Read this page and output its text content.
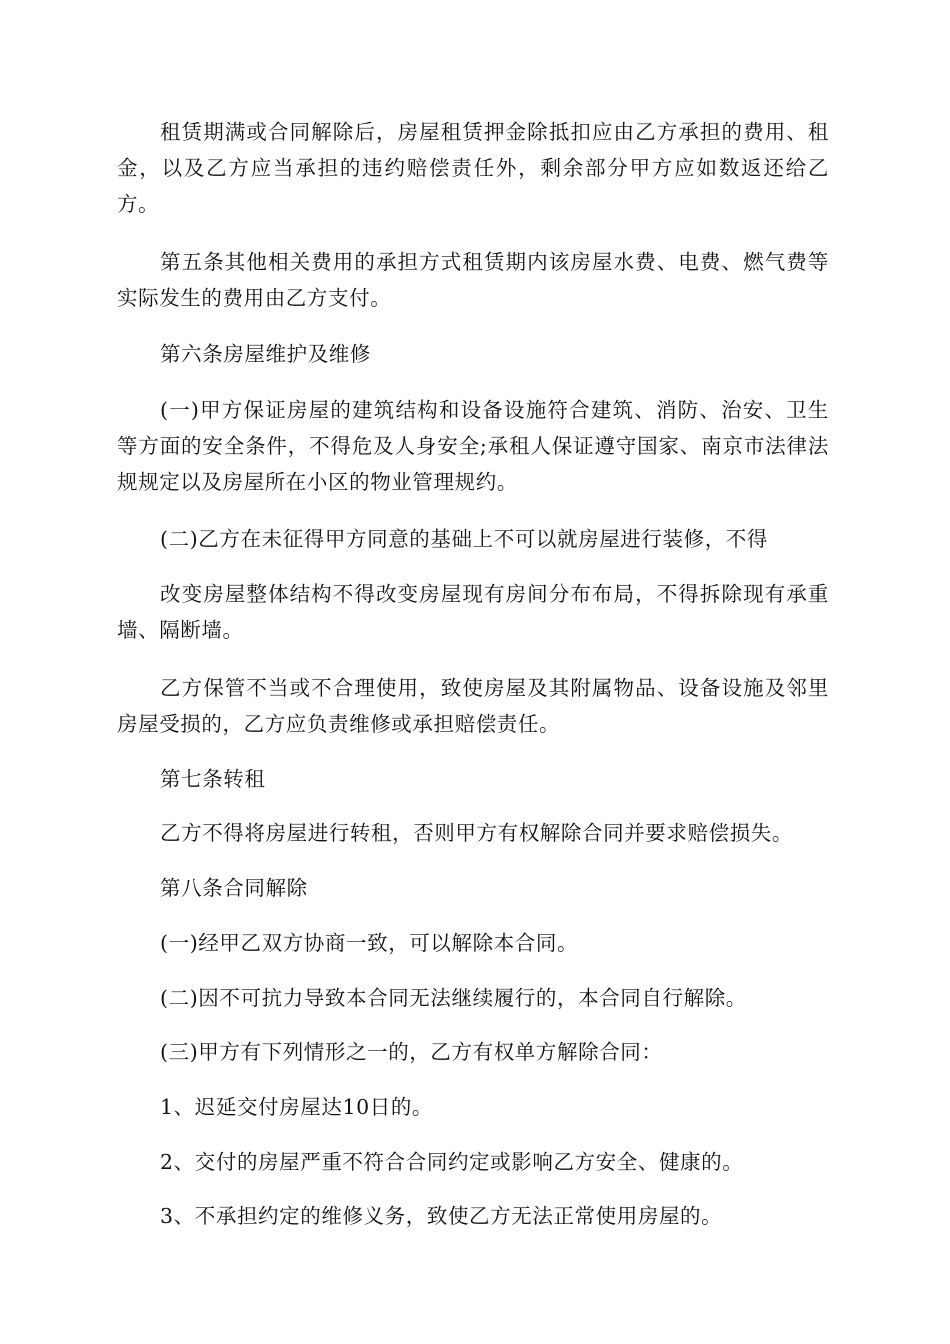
租赁期满或合同解除后，房屋租赁押金除抵扣应由乙方承担的费用、租金，以及乙方应当承担的违约赔偿责任外，剩余部分甲方应如数返还给乙方。

第五条其他相关费用的承担方式租赁期内该房屋水费、电费、燃气费等实际发生的费用由乙方支付。

第六条房屋维护及维修

(一)甲方保证房屋的建筑结构和设备设施符合建筑、消防、治安、卫生等方面的安全条件，不得危及人身安全;承租人保证遵守国家、南京市法律法规规定以及房屋所在小区的物业管理规约。

(二)乙方在未征得甲方同意的基础上不可以就房屋进行装修，不得

改变房屋整体结构不得改变房屋现有房间分布布局，不得拆除现有承重墙、隔断墙。

乙方保管不当或不合理使用，致使房屋及其附属物品、设备设施及邻里房屋受损的，乙方应负责维修或承担赔偿责任。

第七条转租

乙方不得将房屋进行转租，否则甲方有权解除合同并要求赔偿损失。

第八条合同解除

(一)经甲乙双方协商一致，可以解除本合同。

(二)因不可抗力导致本合同无法继续履行的，本合同自行解除。

(三)甲方有下列情形之一的，乙方有权单方解除合同：

1、迟延交付房屋达10日的。

2、交付的房屋严重不符合合同约定或影响乙方安全、健康的。

3、不承担约定的维修义务，致使乙方无法正常使用房屋的。
